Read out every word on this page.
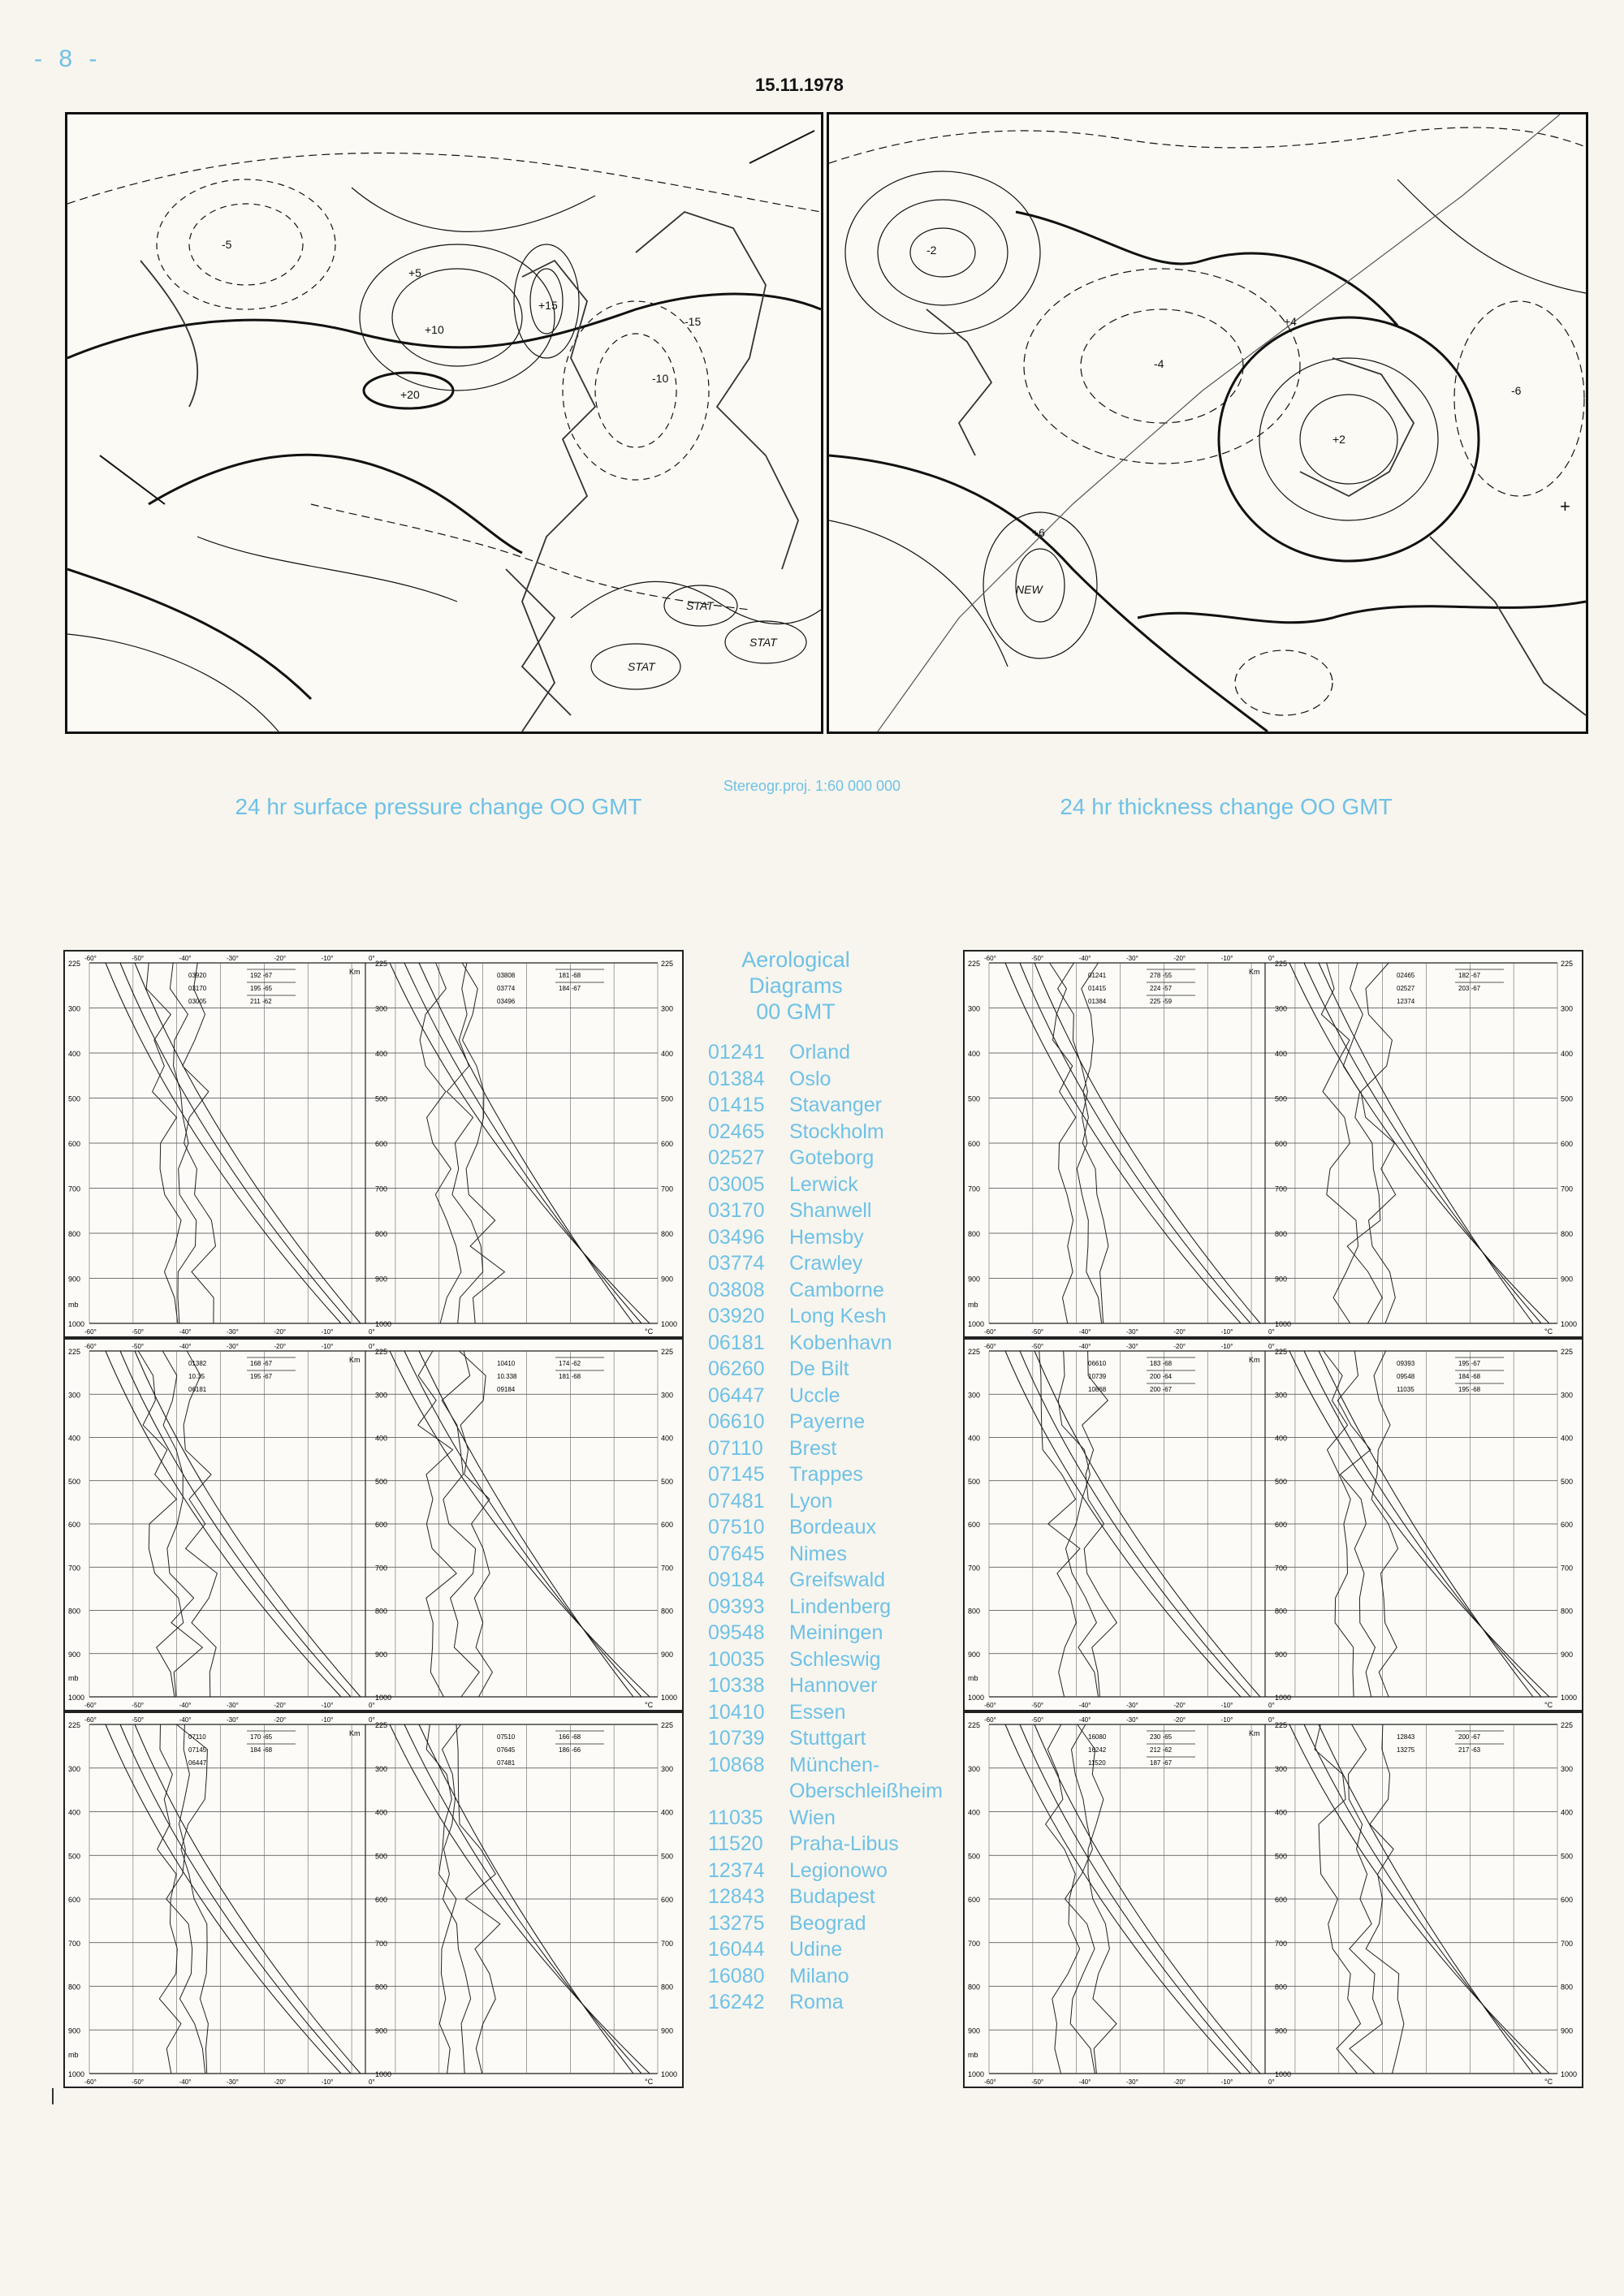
- 8 -
15.11.1978
+5
+10
-5
-10
-15
+15
+20
STAT
STAT
STAT
-2
-4
-6
+2
+4
+6
NEW
+
Stereogr.proj. 1:60 000 000
24 hr surface pressure change OO GMT	24 hr thickness change OO GMT
225	225
225
300	300
300
400	400
400
500	500
500
600	600
600
700	700
700
800	800
800
900	900
900
1000	1000
1000
-60°
-60°
-50°
-50°
-40°
-40°
-30°
-30°
-20°
-20°
-10°
-10°
0°
0°
Km
mb
°C
03920
03170
03005
03808
03774
03496
192 -67
195 -65
211 -62
181 -68
184 -67
225	225
225
300	300
300
400	400
400
500	500
500
600	600
600
700	700
700
800	800
800
900	900
900
1000	1000
1000
-60°
-60°
-50°
-50°
-40°
-40°
-30°
-30°
-20°
-20°
-10°
-10°
0°
0°
Km
mb
°C
01382
10.35
06181
10410
10.338
09184
168 -67
195 -67
174 -62
181 -68
225	225
225
300	300
300
400	400
400
500	500
500
600	600
600
700	700
700
800	800
800
900	900
900
1000	1000
1000
-60°
-60°
-50°
-50°
-40°
-40°
-30°
-30°
-20°
-20°
-10°
-10°
0°
0°
Km
mb
°C
07110
07145
06447
07510
07645
07481
170 -65
184 -68
166 -68
186 -66
225	225
225
300	300
300
400	400
400
500	500
500
600	600
600
700	700
700
800	800
800
900	900
900
1000	1000
1000
-60°
-60°
-50°
-50°
-40°
-40°
-30°
-30°
-20°
-20°
-10°
-10°
0°
0°
Km
mb
°C
01241
01415
01384
02465
02527
12374
278 -55
224 -57
225 -59
182 -67
203 -67
225	225
225
300	300
300
400	400
400
500	500
500
600	600
600
700	700
700
800	800
800
900	900
900
1000	1000
1000
-60°
-60°
-50°
-50°
-40°
-40°
-30°
-30°
-20°
-20°
-10°
-10°
0°
0°
Km
mb
°C
06610
10739
10868
09393
09548
11035
183 -68
200 -64
200 -67
195 -67
184 -68
195 -68
225	225
225
300	300
300
400	400
400
500	500
500
600	600
600
700	700
700
800	800
800
900	900
900
1000	1000
1000
-60°
-60°
-50°
-50°
-40°
-40°
-30°
-30°
-20°
-20°
-10°
-10°
0°
0°
Km
mb
°C
16080
16242
11520
12843
13275
230 -65
212 -62
187 -67
200 -67
217 -63
Aerological
Diagrams
00 GMT
01241	Orland
01384	Oslo
01415	Stavanger
02465	Stockholm
02527	Goteborg
03005	Lerwick
03170	Shanwell
03496	Hemsby
03774	Crawley
03808	Camborne
03920	Long Kesh
06181	Kobenhavn
06260	De Bilt
06447	Uccle
06610	Payerne
07110	Brest
07145	Trappes
07481	Lyon
07510	Bordeaux
07645	Nimes
09184	Greifswald
09393	Lindenberg
09548	Meiningen
10035	Schleswig
10338	Hannover
10410	Essen
10739	Stuttgart
10868	München-
Oberschleißheim
11035	Wien
11520	Praha-Libus
12374	Legionowo
12843	Budapest
13275	Beograd
16044	Udine
16080	Milano
16242	Roma
